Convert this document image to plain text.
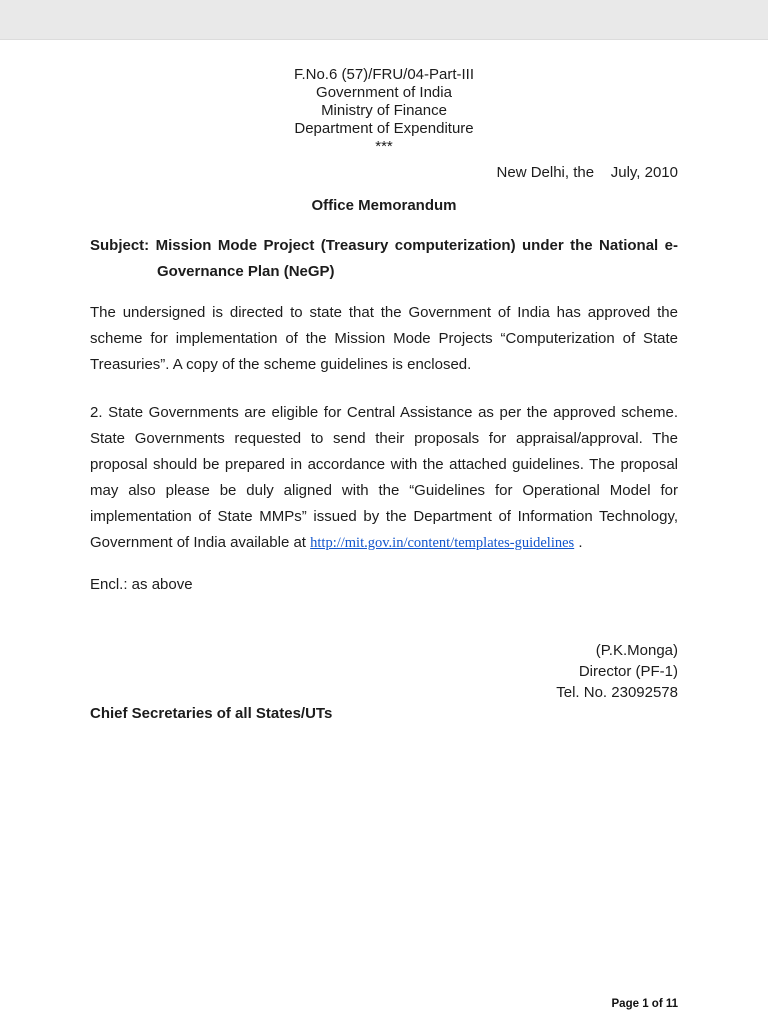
F.No.6 (57)/FRU/04-Part-III
Government of India
Ministry of Finance
Department of Expenditure
***
New Delhi, the    July, 2010
Office Memorandum
Subject: Mission Mode Project (Treasury computerization) under the National e-
Governance Plan (NeGP)

The undersigned is directed to state that the Government of India has approved the scheme for implementation of the Mission Mode Projects “Computerization of State Treasuries”. A copy of the scheme guidelines is enclosed.

2. State Governments are eligible for Central Assistance as per the approved scheme. State Governments requested to send their proposals for appraisal/approval. The proposal should be prepared in accordance with the attached guidelines. The proposal may also please be duly aligned with the “Guidelines for Operational Model for implementation of State MMPs” issued by the Department of Information Technology, Government of India available at http://mit.gov.in/content/templates-guidelines .

Encl.: as above
(P.K.Monga)
Director (PF-1)
Tel. No. 23092578
Chief Secretaries of all States/UTs
Page 1 of 11
